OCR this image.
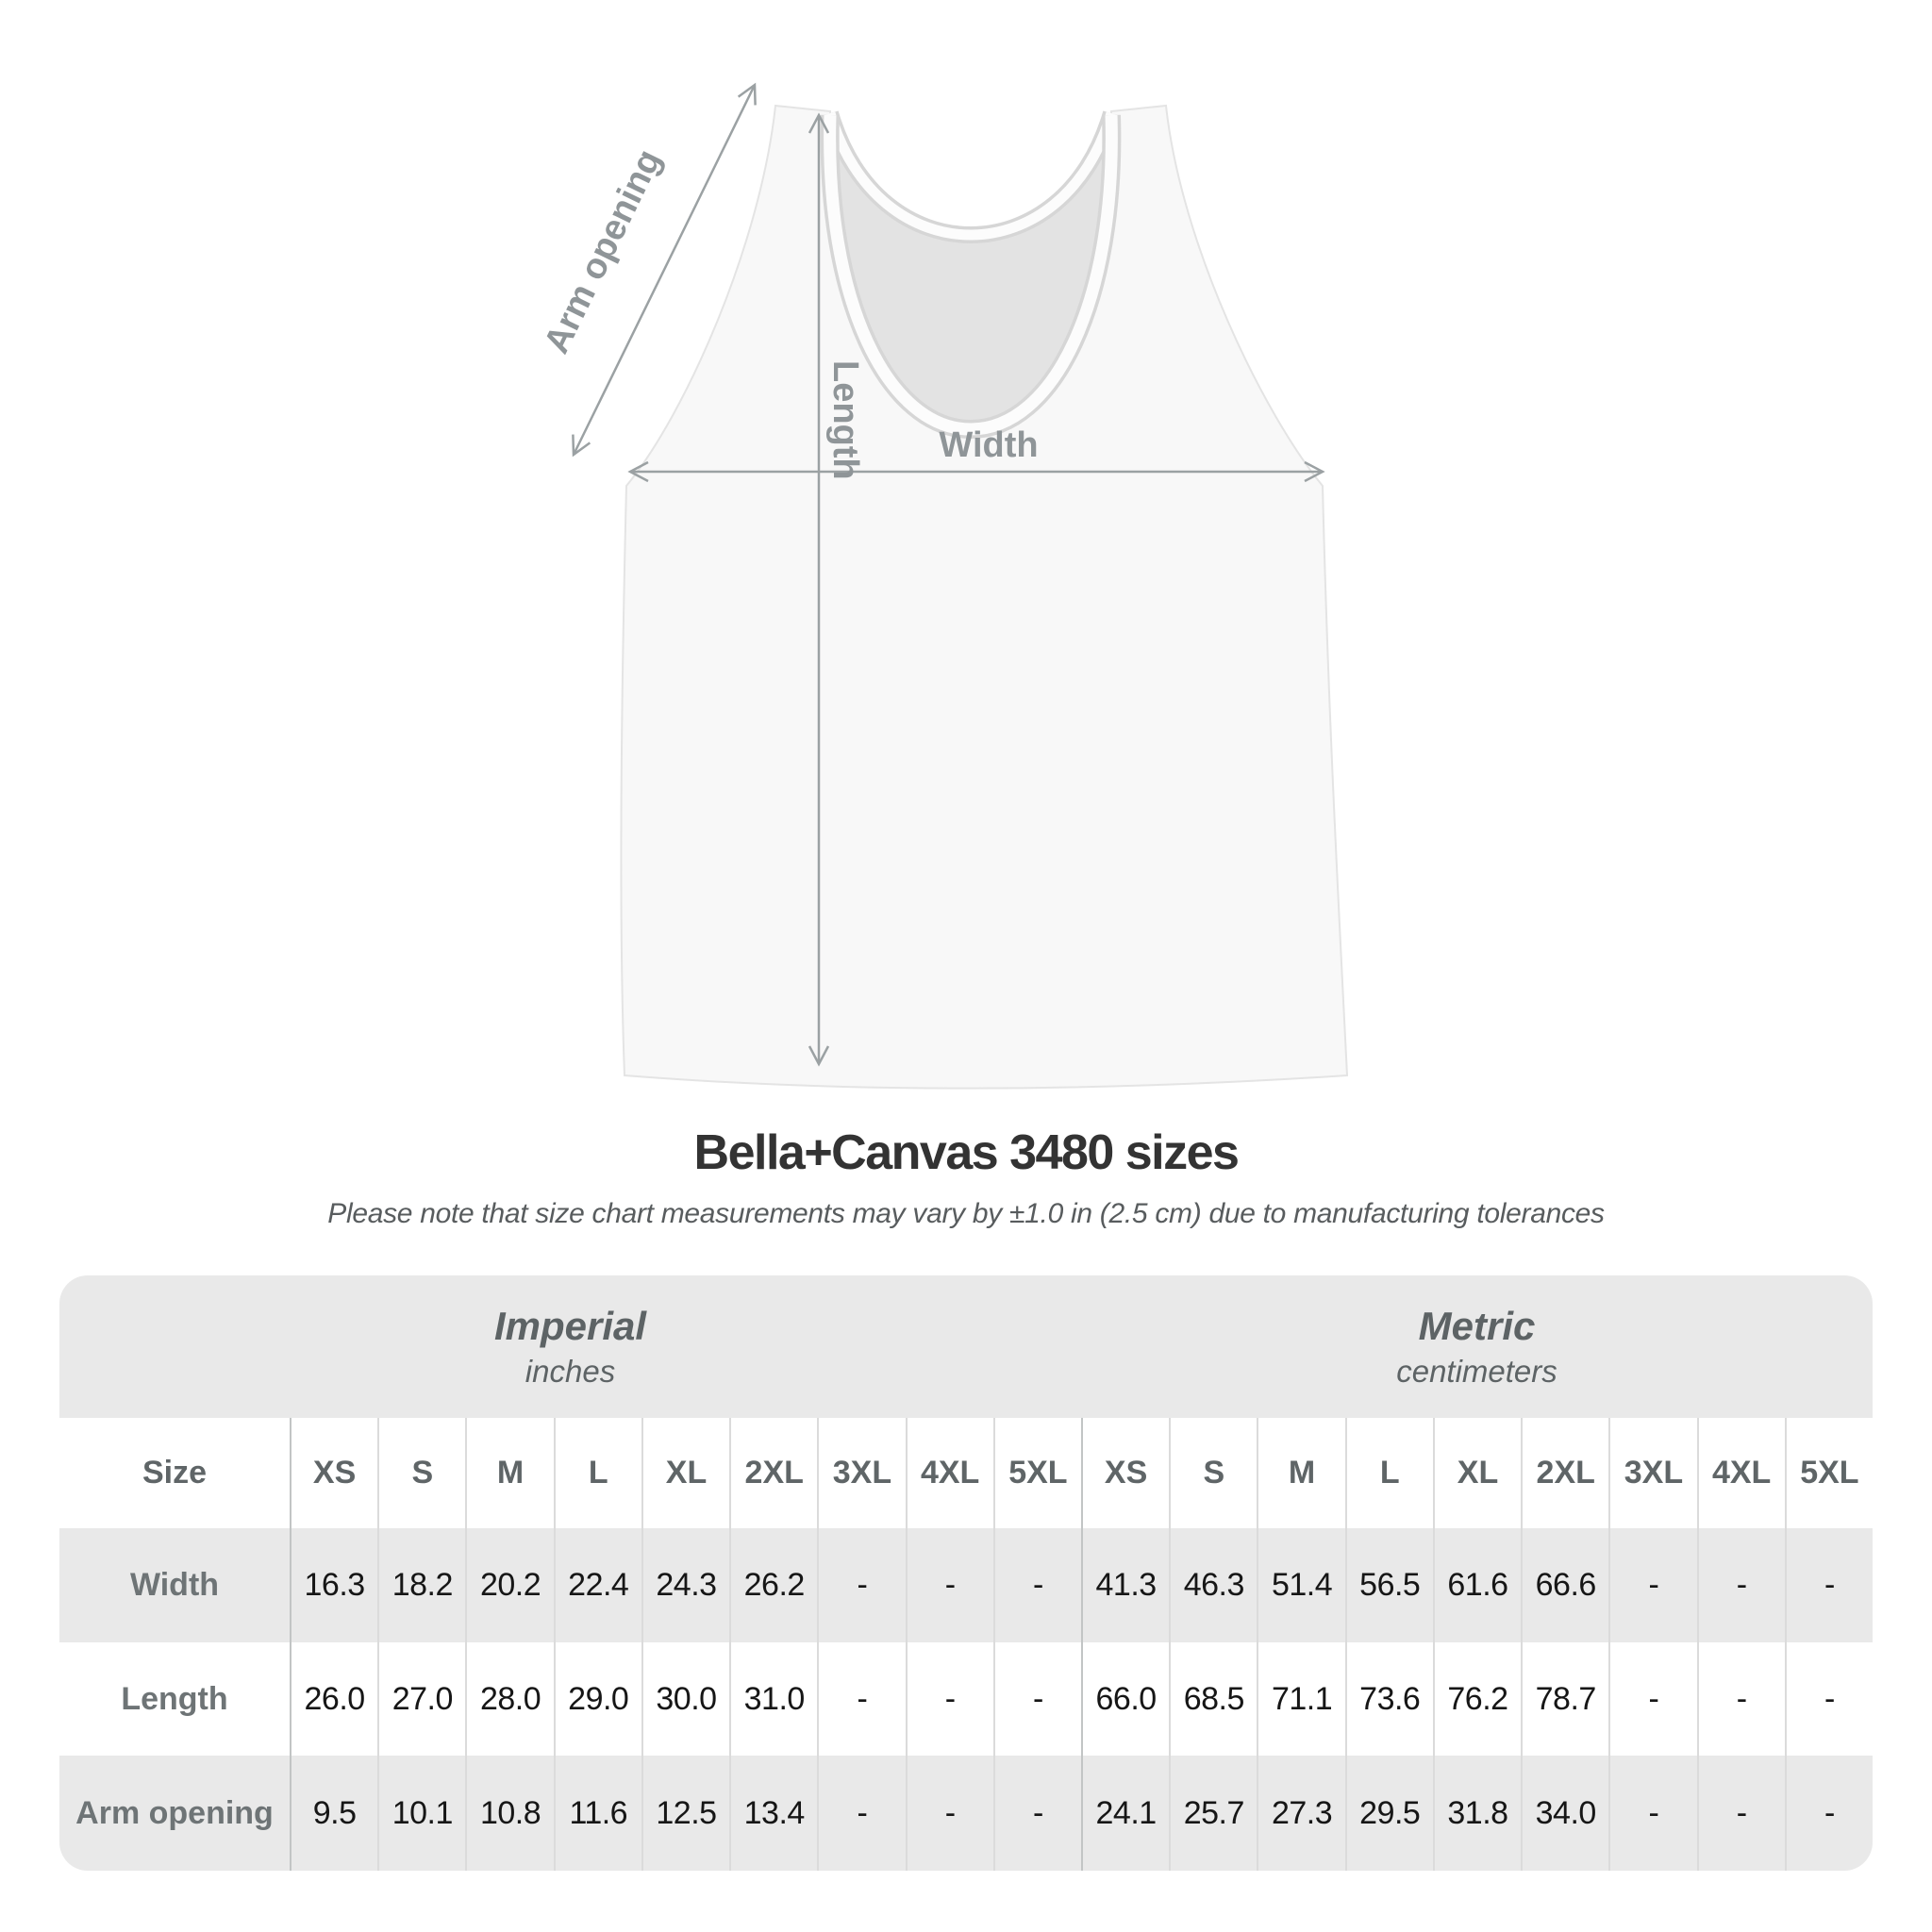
Width
Length
Arm opening
Bella+Canvas 3480 sizes

Please note that size chart measurements may vary by ±1.0 in (2.5 cm) due to manufacturing tolerances

Imperial
inches
Metric
centimeters
Size	XS	S	M	L	XL	2XL 3XL 4XL 5XL	XS	S	M	L	XL	2XL 3XL 4XL 5XL
Width	16.3 18.2 20.2 22.4 24.3 26.2	-	-	-	41.3 46.3 51.4 56.5 61.6 66.6	-	-	-
Length	26.0 27.0 28.0 29.0 30.0 31.0	-	-	-	66.0 68.5 71.1 73.6 76.2 78.7	-	-	-
Arm opening	9.5	10.1 10.8 11.6 12.5 13.4	-	-	-	24.1 25.7 27.3 29.5 31.8 34.0	-	-	-
